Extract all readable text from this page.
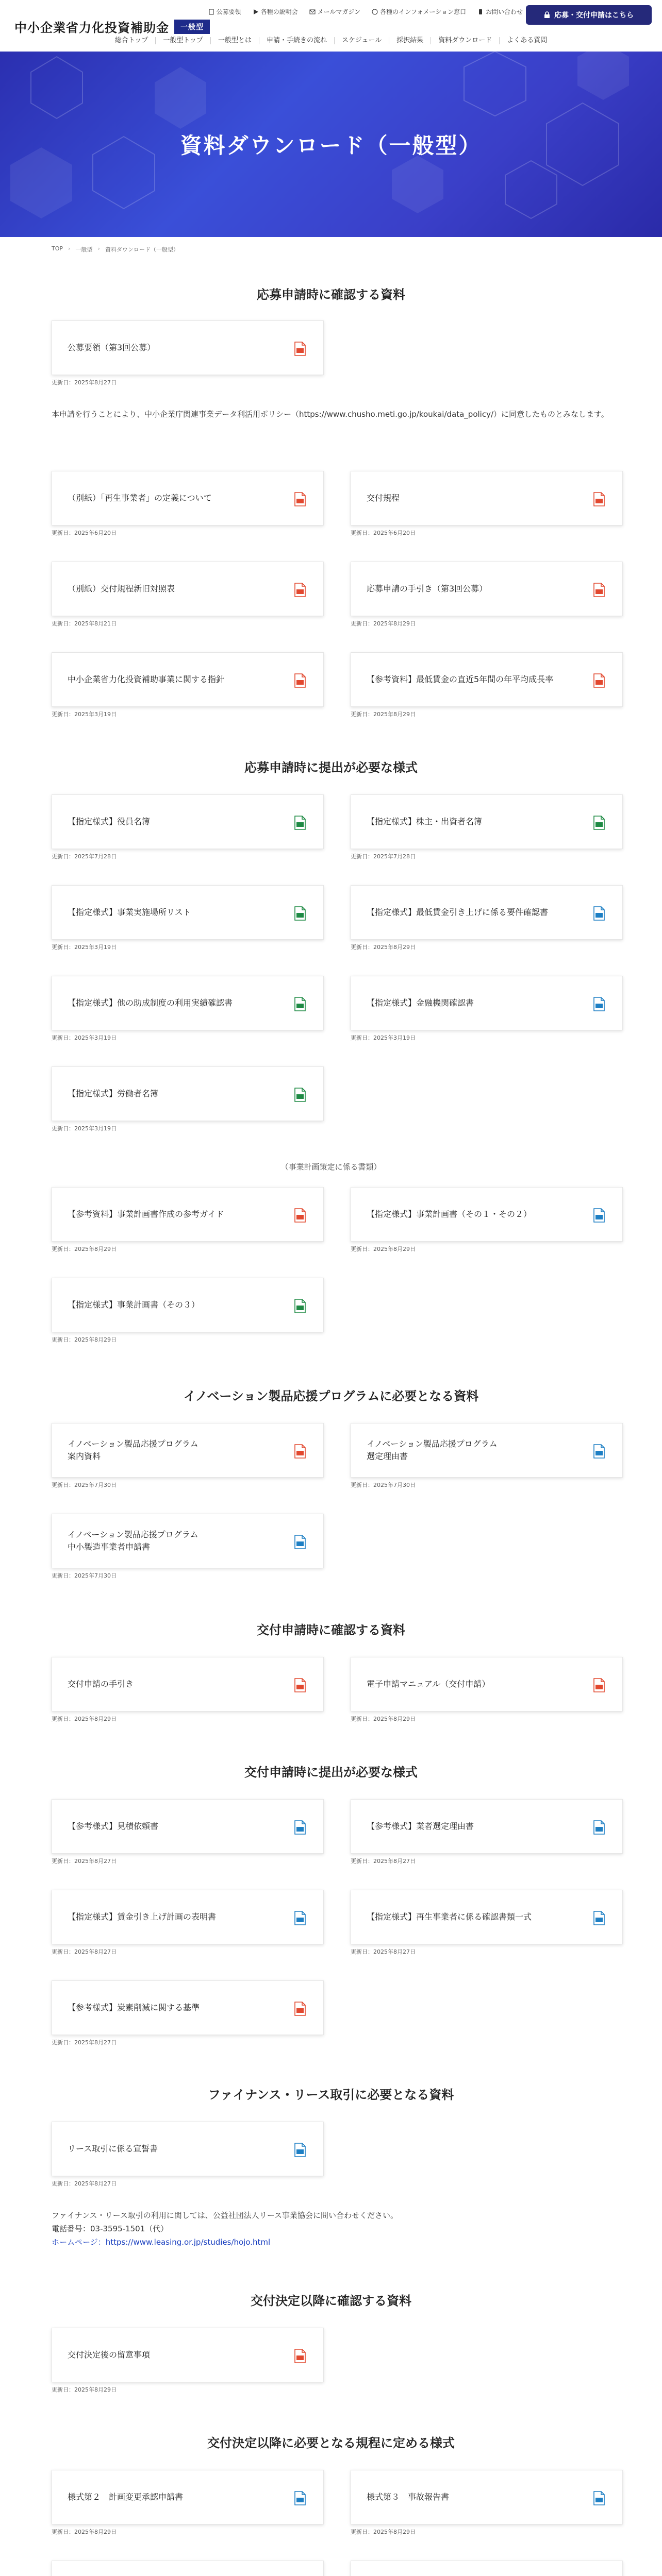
中小企業省力化投資補助金	一般型
公募要領	各種の説明会	メールマガジン	各種のインフォメーション窓口	お問い合わせ	応募・交付申請はこちら
総合トップ	一般型トップ	一般型とは	申請・手続きの流れ	スケジュール	採択結果	資料ダウンロード	よくある質問
資料ダウンロード（一般型）
TOP › 一般型 › 資料ダウンロード（一般型）
応募申請時に確認する資料
公募要領（第3回公募）
更新日：2025年8月27日
本申請を行うことにより、中小企業庁関連事業データ利活用ポリシー（https://www.chusho.meti.go.jp/koukai/data_policy/）に同意したものとみなします。
（別紙）「再生事業者」の定義について
更新日：2025年6月20日
交付規程
更新日：2025年6月20日
（別紙）交付規程新旧対照表
更新日：2025年8月21日
応募申請の手引き（第3回公募）
更新日：2025年8月29日
中小企業省力化投資補助事業に関する指針
更新日：2025年3月19日
【参考資料】最低賃金の直近5年間の年平均成長率
更新日：2025年8月29日
応募申請時に提出が必要な様式
【指定様式】役員名簿
更新日：2025年7月28日
【指定様式】株主・出資者名簿
更新日：2025年7月28日
【指定様式】事業実施場所リスト
更新日：2025年3月19日
【指定様式】最低賃金引き上げに係る要件確認書
更新日：2025年8月29日
【指定様式】他の助成制度の利用実績確認書
更新日：2025年3月19日
【指定様式】金融機関確認書
更新日：2025年3月19日
【指定様式】労働者名簿
更新日：2025年3月19日
（事業計画策定に係る書類）
【参考資料】事業計画書作成の参考ガイド
更新日：2025年8月29日
【指定様式】事業計画書（その１・その２）
更新日：2025年8月29日
【指定様式】事業計画書（その３）
更新日：2025年8月29日
イノベーション製品応援プログラムに必要となる資料
イノベーション製品応援プログラム
案内資料
更新日：2025年7月30日
イノベーション製品応援プログラム
選定理由書
更新日：2025年7月30日
イノベーション製品応援プログラム
中小製造事業者申請書
更新日：2025年7月30日
交付申請時に確認する資料
交付申請の手引き
更新日：2025年8月29日
電子申請マニュアル（交付申請）
更新日：2025年8月29日
交付申請時に提出が必要な様式
【参考様式】見積依頼書
更新日：2025年8月27日
【参考様式】業者選定理由書
更新日：2025年8月27日
【指定様式】賃金引き上げ計画の表明書
更新日：2025年8月27日
【指定様式】再生事業者に係る確認書類一式
更新日：2025年8月27日
【参考様式】炭素削減に関する基準
更新日：2025年8月27日
ファイナンス・リース取引に必要となる資料
リース取引に係る宣誓書
更新日：2025年8月27日
ファイナンス・リース取引の利用に関しては、公益社団法人リース事業協会に問い合わせください。
電話番号：03-3595-1501（代）
ホームページ：https://www.leasing.or.jp/studies/hojo.html
交付決定以降に確認する資料
交付決定後の留意事項
更新日：2025年8月29日
交付決定以降に必要となる規程に定める様式
様式第２　計画変更承認申請書
更新日：2025年8月29日
様式第３　事故報告書
更新日：2025年8月29日
